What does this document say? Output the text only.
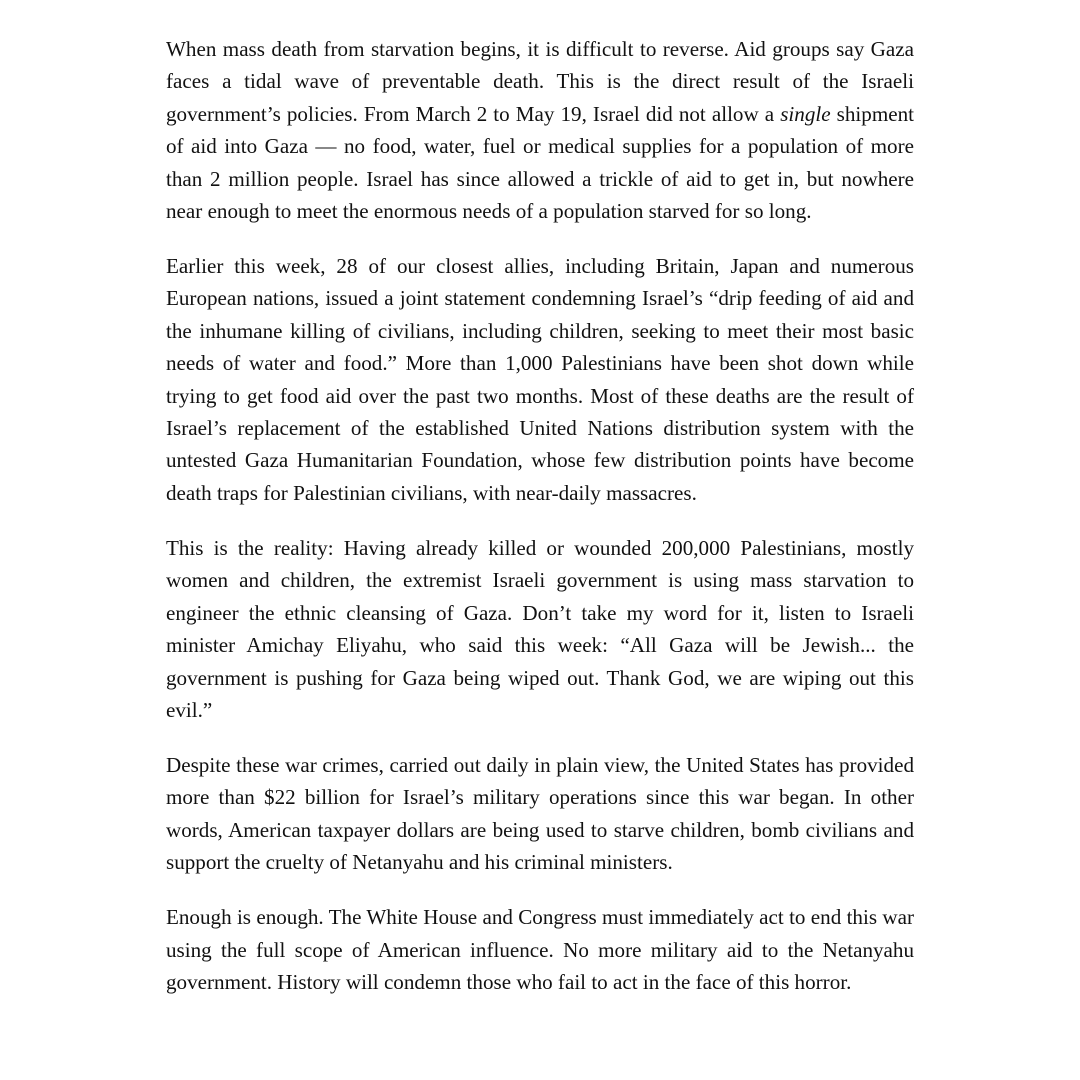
When mass death from starvation begins, it is difficult to reverse. Aid groups say Gaza faces a tidal wave of preventable death. This is the direct result of the Israeli government’s policies. From March 2 to May 19, Israel did not allow a single shipment of aid into Gaza — no food, water, fuel or medical supplies for a population of more than 2 million people. Israel has since allowed a trickle of aid to get in, but nowhere near enough to meet the enormous needs of a population starved for so long.

Earlier this week, 28 of our closest allies, including Britain, Japan and numerous European nations, issued a joint statement condemning Israel’s “drip feeding of aid and the inhumane killing of civilians, including children, seeking to meet their most basic needs of water and food.” More than 1,000 Palestinians have been shot down while trying to get food aid over the past two months. Most of these deaths are the result of Israel’s replacement of the established United Nations distribution system with the untested Gaza Humanitarian Foundation, whose few distribution points have become death traps for Palestinian civilians, with near-daily massacres.

This is the reality: Having already killed or wounded 200,000 Palestinians, mostly women and children, the extremist Israeli government is using mass starvation to engineer the ethnic cleansing of Gaza. Don’t take my word for it, listen to Israeli minister Amichay Eliyahu, who said this week: “All Gaza will be Jewish... the government is pushing for Gaza being wiped out. Thank God, we are wiping out this evil.”

Despite these war crimes, carried out daily in plain view, the United States has provided more than $22 billion for Israel’s military operations since this war began. In other words, American taxpayer dollars are being used to starve children, bomb civilians and support the cruelty of Netanyahu and his criminal ministers.

Enough is enough. The White House and Congress must immediately act to end this war using the full scope of American influence. No more military aid to the Netanyahu government. History will condemn those who fail to act in the face of this horror.
